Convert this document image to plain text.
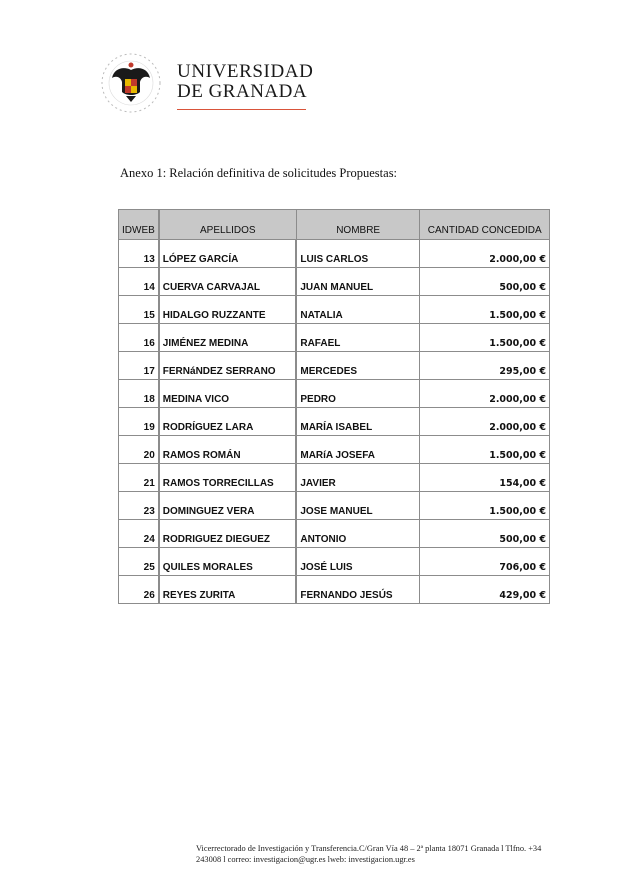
UNIVERSIDAD
DE GRANADA
Anexo 1: Relación definitiva de solicitudes Propuestas:
IDWEB	APELLIDOS	NOMBRE	CANTIDAD CONCEDIDA
13	LÓPEZ GARCÍA	LUIS CARLOS	2.000,00 €
14	CUERVA CARVAJAL	JUAN MANUEL	500,00 €
15	HIDALGO RUZZANTE	NATALIA	1.500,00 €
16	JIMÉNEZ MEDINA	RAFAEL	1.500,00 €
17	FERNáNDEZ SERRANO	MERCEDES	295,00 €
18	MEDINA VICO	PEDRO	2.000,00 €
19	RODRÍGUEZ LARA	MARÍA ISABEL	2.000,00 €
20	RAMOS ROMÁN	MARíA JOSEFA	1.500,00 €
21	RAMOS TORRECILLAS	JAVIER	154,00 €
23	DOMINGUEZ VERA	JOSE MANUEL	1.500,00 €
24	RODRIGUEZ DIEGUEZ	ANTONIO	500,00 €
25	QUILES MORALES	JOSÉ LUIS	706,00 €
26	REYES ZURITA	FERNANDO JESÚS	429,00 €
Vicerrectorado de Investigación y Transferencia.C/Gran Vía 48 – 2ª planta 18071 Granada l Tlfno. +34
243008 l correo: investigacion@ugr.es lweb: investigacion.ugr.es
